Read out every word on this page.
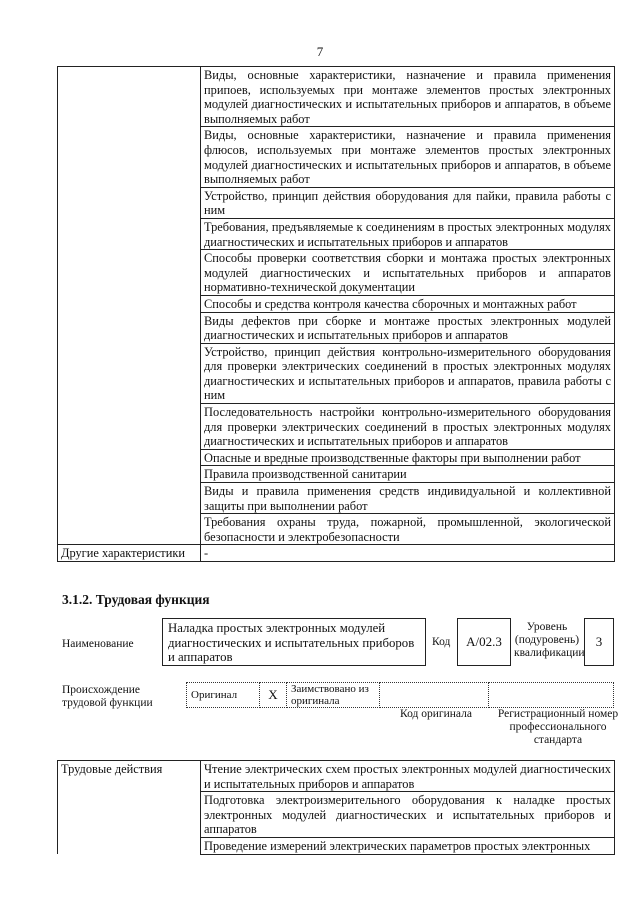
7
	Виды, основные характеристики, назначение и правила применения припоев, используемых при монтаже элементов простых электронных модулей диагностических и испытательных приборов и аппаратов, в объеме выполняемых работ
	Виды, основные характеристики, назначение и правила применения флюсов, используемых при монтаже элементов простых электронных модулей диагностических и испытательных приборов и аппаратов, в объеме выполняемых работ
	Устройство, принцип действия оборудования для пайки, правила работы с ним
	Требования, предъявляемые к соединениям в простых электронных модулях диагностических и испытательных приборов и аппаратов
	Способы проверки соответствия сборки и монтажа простых электронных модулей диагностических и испытательных приборов и аппаратов нормативно-технической документации
	Способы и средства контроля качества сборочных и монтажных работ
	Виды дефектов при сборке и монтаже простых электронных модулей диагностических и испытательных приборов и аппаратов
	Устройство, принцип действия контрольно-измерительного оборудования для проверки электрических соединений в простых электронных модулях диагностических и испытательных приборов и аппаратов, правила работы с ним
	Последовательность настройки контрольно-измерительного оборудования для проверки электрических соединений в простых электронных модулях диагностических и испытательных приборов и аппаратов
	Опасные и вредные производственные факторы при выполнении работ
	Правила производственной санитарии
	Виды и правила применения средств индивидуальной и коллективной защиты при выполнении работ
	Требования охраны труда, пожарной, промышленной, экологической безопасности и электробезопасности
Другие характеристики	-
3.1.2. Трудовая функция
Наименование
Наладка простых электронных модулей диагностических и испытательных приборов и аппаратов
Код	A/02.3
Уровень (подуровень) квалификации
3
Происхождение трудовой функции
Оригинал	X	Заимствовано из оригинала		
Код оригинала	Регистрационный номер профессионального стандарта
Трудовые действия	Чтение электрических схем простых электронных модулей диагностических и испытательных приборов и аппаратов
Подготовка электроизмерительного оборудования к наладке простых электронных модулей диагностических и испытательных приборов и аппаратов
Проведение измерений электрических параметров простых электронных
